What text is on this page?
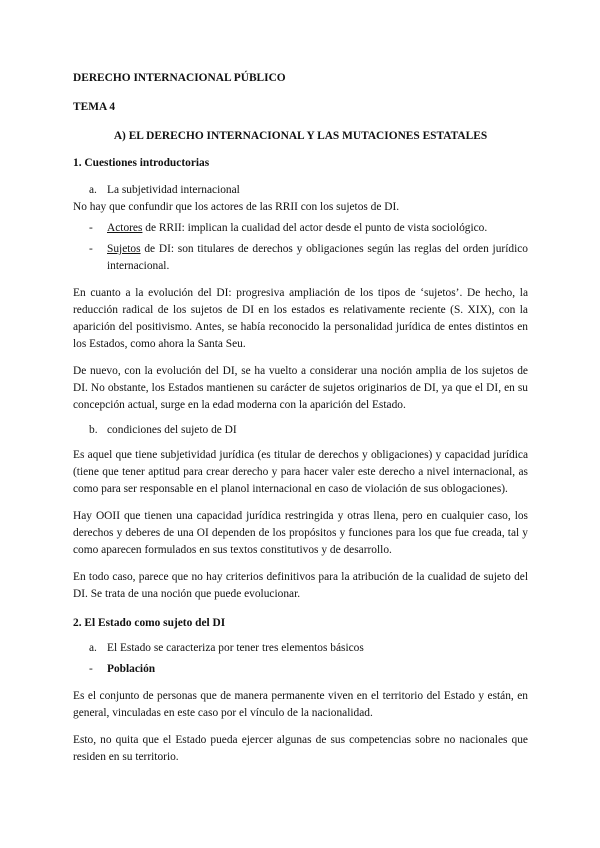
DERECHO INTERNACIONAL PÚBLICO

TEMA 4

A) EL DERECHO INTERNACIONAL Y LAS MUTACIONES ESTATALES

1. Cuestiones introductorias

a. La subjetividad internacional

No hay que confundir que los actores de las RRII con los sujetos de DI.

-	Actores de RRII: implican la cualidad del actor desde el punto de vista sociológico.
-	Sujetos de DI: son titulares de derechos y obligaciones según las reglas del orden jurídico internacional.

En cuanto a la evolución del DI: progresiva ampliación de los tipos de ‘sujetos’. De hecho, la reducción radical de los sujetos de DI en los estados es relativamente reciente (S. XIX), con la aparición del positivismo. Antes, se había reconocido la personalidad jurídica de entes distintos en los Estados, como ahora la Santa Seu.

De nuevo, con la evolución del DI, se ha vuelto a considerar una noción amplia de los sujetos de DI. No obstante, los Estados mantienen su carácter de sujetos originarios de DI, ya que el DI, en su concepción actual, surge en la edad moderna con la aparición del Estado.

b. condiciones del sujeto de DI

Es aquel que tiene subjetividad jurídica (es titular de derechos y obligaciones) y capacidad jurídica (tiene que tener aptitud para crear derecho y para hacer valer este derecho a nivel internacional, as como para ser responsable en el planol internacional en caso de violación de sus oblogaciones).

Hay OOII que tienen una capacidad jurídica restringida y otras llena, pero en cualquier caso, los derechos y deberes de una OI dependen de los propósitos y funciones para los que fue creada, tal y como aparecen formulados en sus textos constitutivos y de desarrollo.

En todo caso, parece que no hay criterios definitivos para la atribución de la cualidad de sujeto del DI. Se trata de una noción que puede evolucionar.

2. El Estado como sujeto del DI

a. El Estado se caracteriza por tener tres elementos básicos
-	Población

Es el conjunto de personas que de manera permanente viven en el territorio del Estado y están, en general, vinculadas en este caso por el vínculo de la nacionalidad.

Esto, no quita que el Estado pueda ejercer algunas de sus competencias sobre no nacionales que residen en su territorio.
